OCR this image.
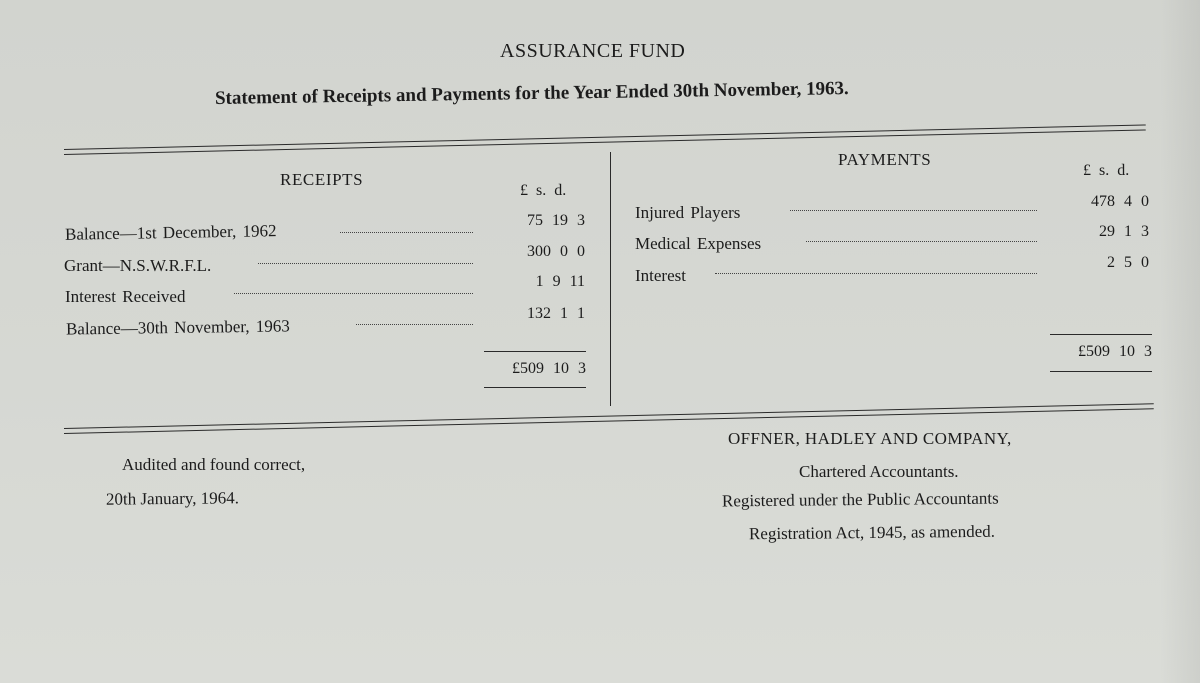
ASSURANCE FUND
Statement of Receipts and Payments for the Year Ended 30th November, 1963.
RECEIPTS
£ s. d.
Balance—1st December, 1962
75 19 3
Grant—N.S.W.R.F.L.
300 0 0
Interest Received
1 9 11
Balance—30th November, 1963
132 1 1
£509 10 3
PAYMENTS
£ s. d.
Injured Players
478 4 0
Medical Expenses
29 1 3
Interest
2 5 0
£509 10 3
Audited and found correct,
20th January, 1964.
OFFNER, HADLEY AND COMPANY,
Chartered Accountants.
Registered under the Public Accountants
Registration Act, 1945, as amended.
